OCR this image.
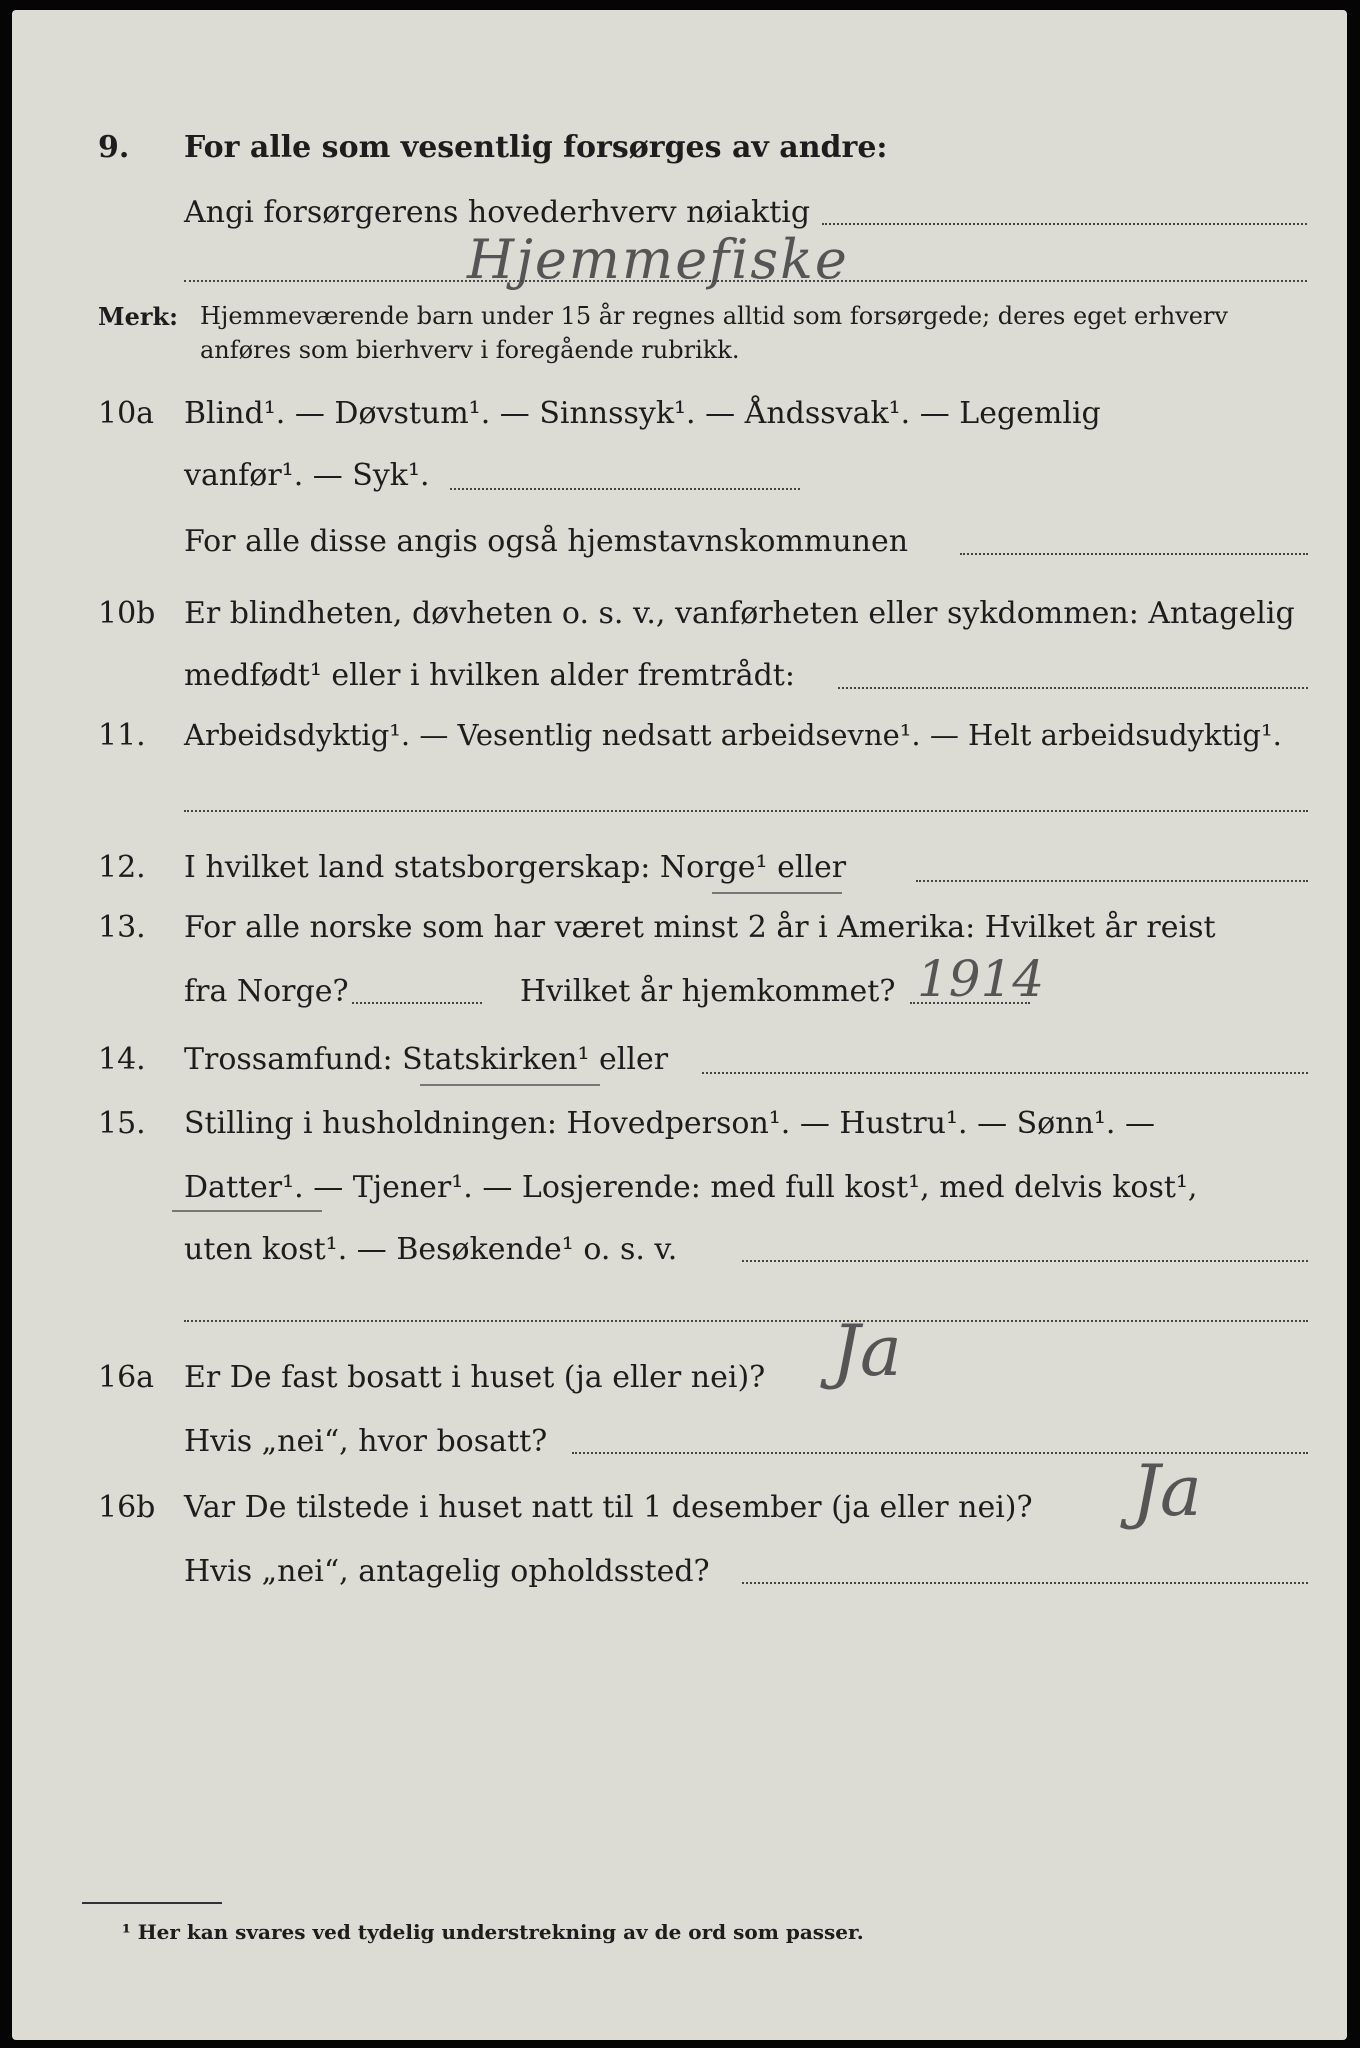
9. For alle som vesentlig forsørges av andre:
Angi forsørgerens hovederhverv nøiaktig
Hjemmefiske
Merk: Hjemmeværende barn under 15 år regnes alltid som forsørgede; deres eget erhverv
anføres som bierhverv i foregående rubrikk.
10a Blind¹. — Døvstum¹. — Sinnssyk¹. — Åndssvak¹. — Legemlig
vanfør¹. — Syk¹.
For alle disse angis også hjemstavnskommunen
10b Er blindheten, døvheten o. s. v., vanførheten eller sykdommen: Antagelig
medfødt¹ eller i hvilken alder fremtrådt:
11. Arbeidsdyktig¹. — Vesentlig nedsatt arbeidsevne¹. — Helt arbeidsudyktig¹.
12. I hvilket land statsborgerskap: Norge¹ eller
13. For alle norske som har været minst 2 år i Amerika: Hvilket år reist
fra Norge?	Hvilket år hjemkommet? 1914
14. Trossamfund: Statskirken¹ eller
15. Stilling i husholdningen: Hovedperson¹. — Hustru¹. — Sønn¹. —
Datter¹. — Tjener¹. — Losjerende: med full kost¹, med delvis kost¹,
uten kost¹. — Besøkende¹ o. s. v.
16a Er De fast bosatt i huset (ja eller nei)? Ja
Hvis „nei“, hvor bosatt?
16b Var De tilstede i huset natt til 1 desember (ja eller nei)? Ja
Hvis „nei“, antagelig opholdssted?
¹ Her kan svares ved tydelig understrekning av de ord som passer.
